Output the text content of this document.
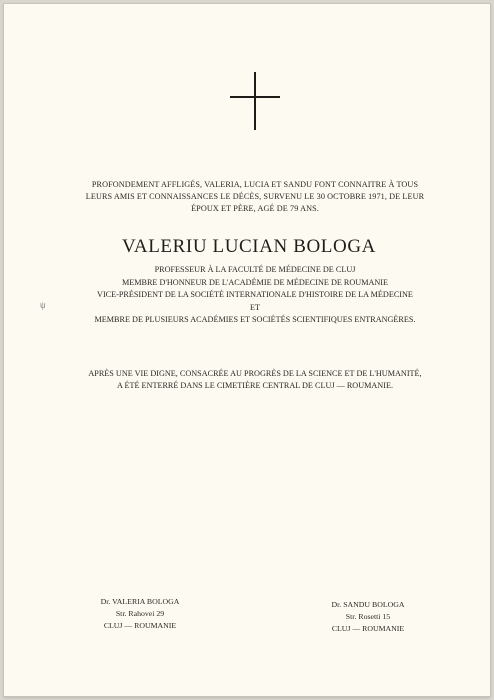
PROFONDEMENT AFFLIGÉS, VALERIA, LUCIA ET SANDU FONT CONNAITRE À TOUS
LEURS AMIS ET CONNAISSANCES LE DÉCÈS, SURVENU LE 30 OCTOBRE 1971, DE LEUR
ÉPOUX ET PÈRE, AGÉ DE 79 ANS.
VALERIU LUCIAN BOLOGA
PROFESSEUR À LA FACULTÉ DE MÉDECINE DE CLUJ
MEMBRE D'HONNEUR DE L'ACADÉMIE DE MÉDECINE DE ROUMANIE
VICE-PRÉSIDENT DE LA SOCIÉTÉ INTERNATIONALE D'HISTOIRE DE LA MÉDECINE
ET
MEMBRE DE PLUSIEURS ACADÉMIES ET SOCIÉTÉS SCIENTIFIQUES ENTRANGÈRES.
APRÈS UNE VIE DIGNE, CONSACRÉE AU PROGRÈS DE LA SCIENCE ET DE L'HUMANITÉ,
A ÉTÉ ENTERRÉ DANS LE CIMETIÈRE CENTRAL DE CLUJ — ROUMANIE.
ψ
Dr. VALERIA BOLOGA
Str. Rahovei 29
CLUJ — ROUMANIE
Dr. SANDU BOLOGA
Str. Rosetti 15
CLUJ — ROUMANIE
